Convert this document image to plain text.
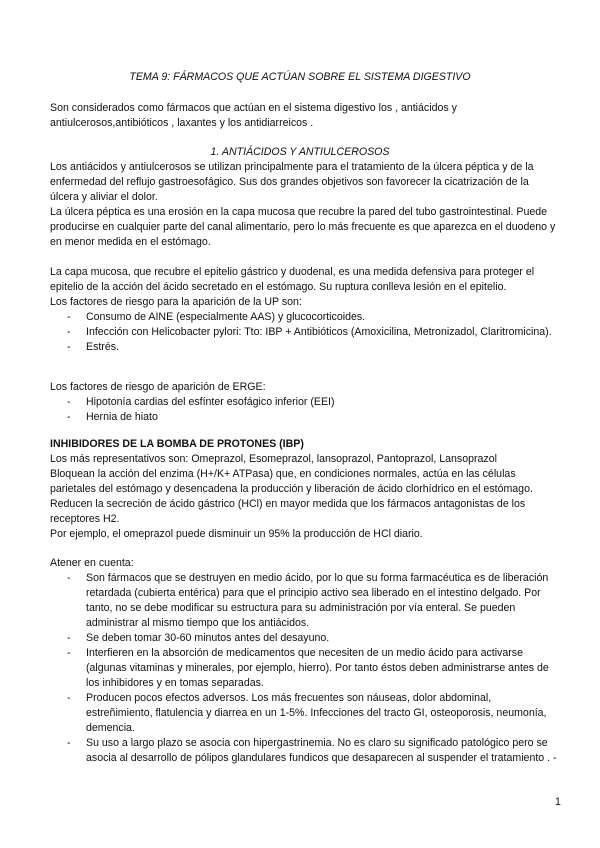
TEMA 9: FÁRMACOS QUE ACTÚAN SOBRE EL SISTEMA DIGESTIVO
Son considerados como fármacos que actúan en el sistema digestivo los , antiácidos y antiulcerosos,antibióticos , laxantes y los antidiarreicos .
1. ANTIÁCIDOS Y ANTIULCEROSOS

Los antiácidos y antiulcerosos se utilizan principalmente para el tratamiento de la úlcera péptica y de la enfermedad del reflujo gastroesofágico. Sus dos grandes objetivos son favorecer la cicatrización de la úlcera y aliviar el dolor.

La úlcera péptica es una erosión en la capa mucosa que recubre la pared del tubo gastrointestinal. Puede producirse en cualquier parte del canal alimentario, pero lo más frecuente es que aparezca en el duodeno y en menor medida en el estómago.

La capa mucosa, que recubre el epitelio gástrico y duodenal, es una medida defensiva para proteger el epitelio de la acción del ácido secretado en el estómago. Su ruptura conlleva lesión en el epitelio.

Los factores de riesgo para la aparición de la UP son:

- Consumo de AINE (especialmente AAS) y glucocorticoides.
- Infección con Helicobacter pylori: Tto: IBP + Antibióticos (Amoxicilina, Metronizadol, Claritromicina).
- Estrés.

Los factores de riesgo de aparición de ERGE:

- Hipotonía cardias del esfínter esofágico inferior (EEI)
- Hernia de hiato

INHIBIDORES DE LA BOMBA DE PROTONES (IBP)

Los más representativos son: Omeprazol, Esomeprazol, lansoprazol, Pantoprazol, Lansoprazol

Bloquean la acción del enzima (H+/K+ ATPasa) que, en condiciones normales, actúa en las células parietales del estómago y desencadena la producción y liberación de ácido clorhídrico en el estómago.

Reducen la secreción de ácido gástrico (HCl) en mayor medida que los fármacos antagonistas de los receptores H2.

Por ejemplo, el omeprazol puede disminuir un 95% la producción de HCl diario.

Atener en cuenta:

- Son fármacos que se destruyen en medio ácido, por lo que su forma farmacéutica es de liberación retardada (cubierta entérica) para que el principio activo sea liberado en el intestino delgado. Por tanto, no se debe modificar su estructura para su administración por vía enteral. Se pueden administrar al mismo tiempo que los antiácidos.
- Se deben tomar 30-60 minutos antes del desayuno.
- Interfieren en la absorción de medicamentos que necesiten de un medio ácido para activarse (algunas vitaminas y minerales, por ejemplo, hierro). Por tanto éstos deben administrarse antes de los inhibidores y en tomas separadas.
- Producen pocos efectos adversos. Los más frecuentes son náuseas, dolor abdominal, estreñimiento, flatulencia y diarrea en un 1-5%. Infecciones del tracto GI, osteoporosis, neumonía, demencia.
- Su uso a largo plazo se asocia con hipergastrinemia. No es claro su significado patológico pero se asocia al desarrollo de pólipos glandulares fundicos que desaparecen al suspender el tratamiento . -
1
